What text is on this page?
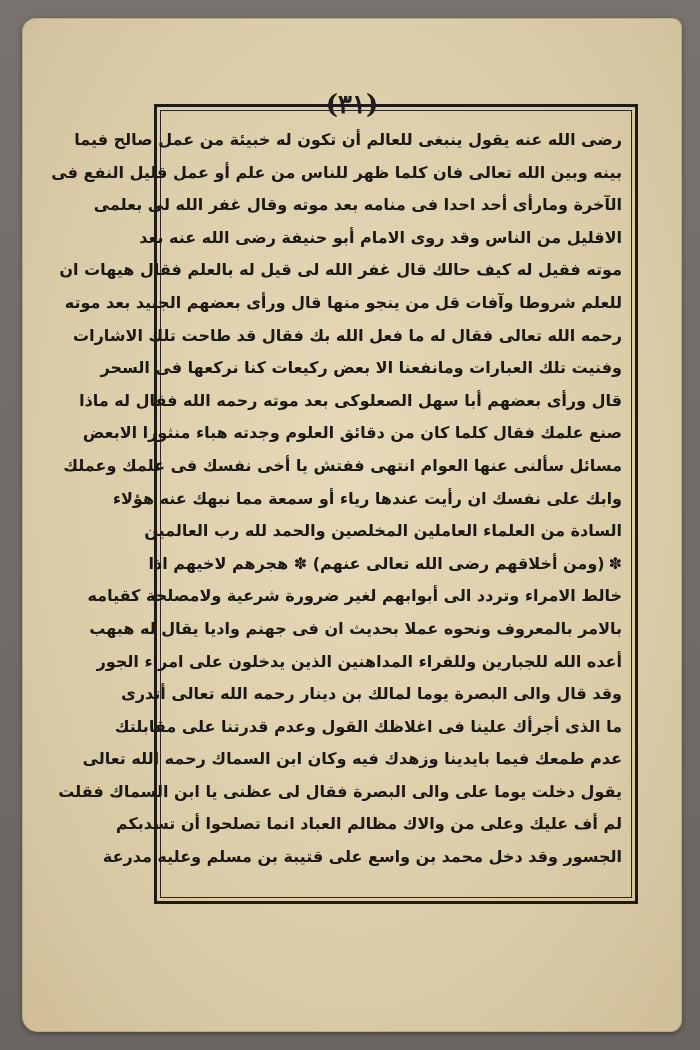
(٣١)
رضى الله عنه يقول ينبغى للعالم أن تكون له خبيئة من عمل صالح فيما
بينه وبين الله تعالى فان كلما ظهر للناس من علم أو عمل قليل النفع فى
الآخرة ومارأى أحد احدا فى منامه بعد موته وقال غفر الله لى بعلمى
الاقليل من الناس وقد روى الامام أبو حنيفة رضى الله عنه بعد
موته فقيل له كيف حالك قال غفر الله لى قيل له بالعلم فقال هيهات ان
للعلم شروطا وآفات قل من ينجو منها قال ورأى بعضهم الجنيد بعد موته
رحمه الله تعالى فقال له ما فعل الله بك فقال قد طاحت تلك الاشارات
وفنيت تلك العبارات ومانفعنا الا بعض ركيعات كنا نركعها فى السحر
قال ورأى بعضهم أبا سهل الصعلوكى بعد موته رحمه الله فقال له ماذا
صنع علمك فقال كلما كان من دقائق العلوم وجدته هباء منثورا الابعض
مسائل سألنى عنها العوام انتهى ففتش يا أخى نفسك فى علمك وعملك
وابك على نفسك ان رأيت عندها رياء أو سمعة مما نبهك عنه هؤلاء
السادة من العلماء العاملين المخلصين والحمد لله رب العالمين
✽(ومن أخلاقهم رضى الله تعالى عنهم) ✽ هجرهم لاخيهم اذا
خالط الامراء وتردد الى أبوابهم لغير ضرورة شرعية ولامصلحة كقيامه
بالامر بالمعروف ونحوه عملا بحديث ان فى جهنم واديا يقال له هبهب
أعده الله للجبارين وللقراء المداهنين الذين يدخلون على امراء الجور
وقد قال والى البصرة يوما لمالك بن دينار رحمه الله تعالى أتدرى
ما الذى أجرأك علينا فى اغلاظك القول وعدم قدرتنا على مقابلتك
عدم طمعك فيما بايدينا وزهدك فيه وكان ابن السماك رحمه الله تعالى
يقول دخلت يوما على والى البصرة فقال لى عظنى يا ابن السماك فقلت
لم أف عليك وعلى من والاك مظالم العباد انما تصلحوا أن تسدبكم
الجسور وقد دخل محمد بن واسع على قتيبة بن مسلم وعليه مدرعة
